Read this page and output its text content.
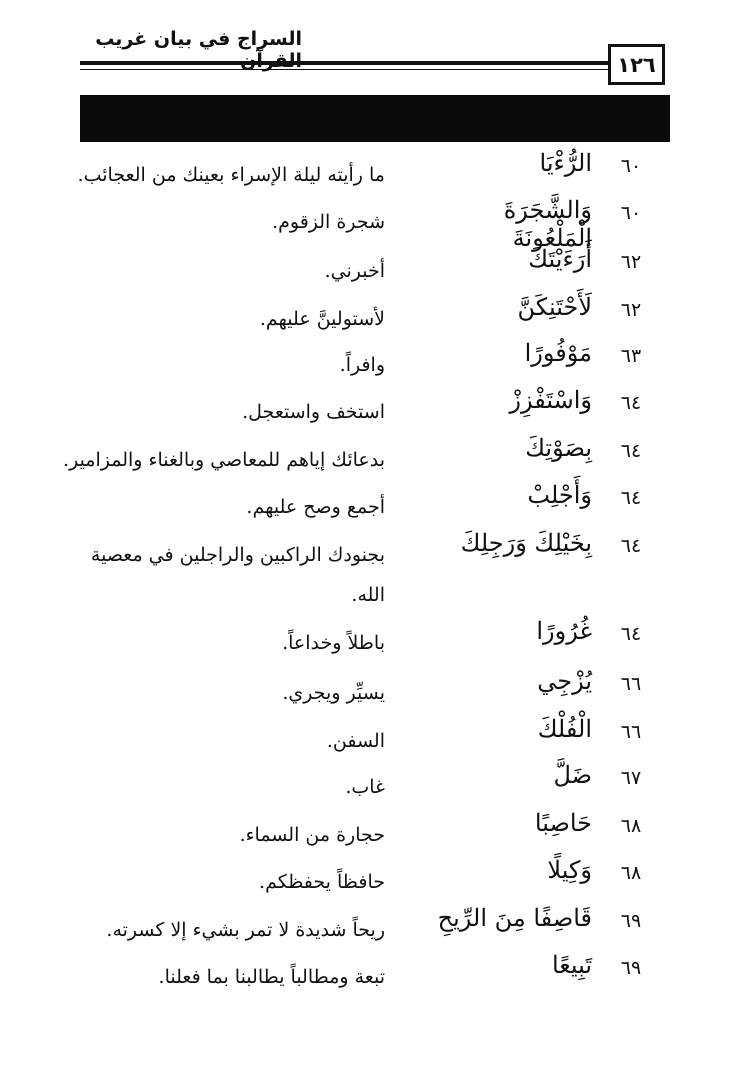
السراج في بيان غريب
١٢٦
٦٠
الرُّءْيَا
ما رأيته ليلة الإسراء بعينك من العجائب.
٦٠
وَالشَّجَرَةَ الْمَلْعُونَةَ
شجرة الزقوم.
٦٢
أَرَءَيْتَكَ
أخبرني.
٦٢
لَأَحْتَنِكَنَّ
لأستولينَّ عليهم.
٦٣
مَوْفُورًا
وافراً.
٦٤
وَاسْتَفْزِزْ
استخف واستعجل.
٦٤
بِصَوْتِكَ
بدعائك إياهم للمعاصي وبالغناء والمزامير.
٦٤
وَأَجْلِبْ
أجمع وصح عليهم.
٦٤
بِخَيْلِكَ وَرَجِلِكَ
بجنودك الراكبين والراجلين في معصية الله.
٦٤
غُرُورًا
باطلاً وخداعاً.
٦٦
يُزْجِي
يسيِّر ويجري.
٦٦
الْفُلْكَ
السفن.
٦٧
ضَلَّ
غاب.
٦٨
حَاصِبًا
حجارة من السماء.
٦٨
وَكِيلًا
حافظاً يحفظكم.
٦٩
قَاصِفًا مِنَ الرِّيحِ
ريحاً شديدة لا تمر بشيء إلا كسرته.
٦٩
تَبِيعًا
تبعة ومطالباً يطالبنا بما فعلنا.
